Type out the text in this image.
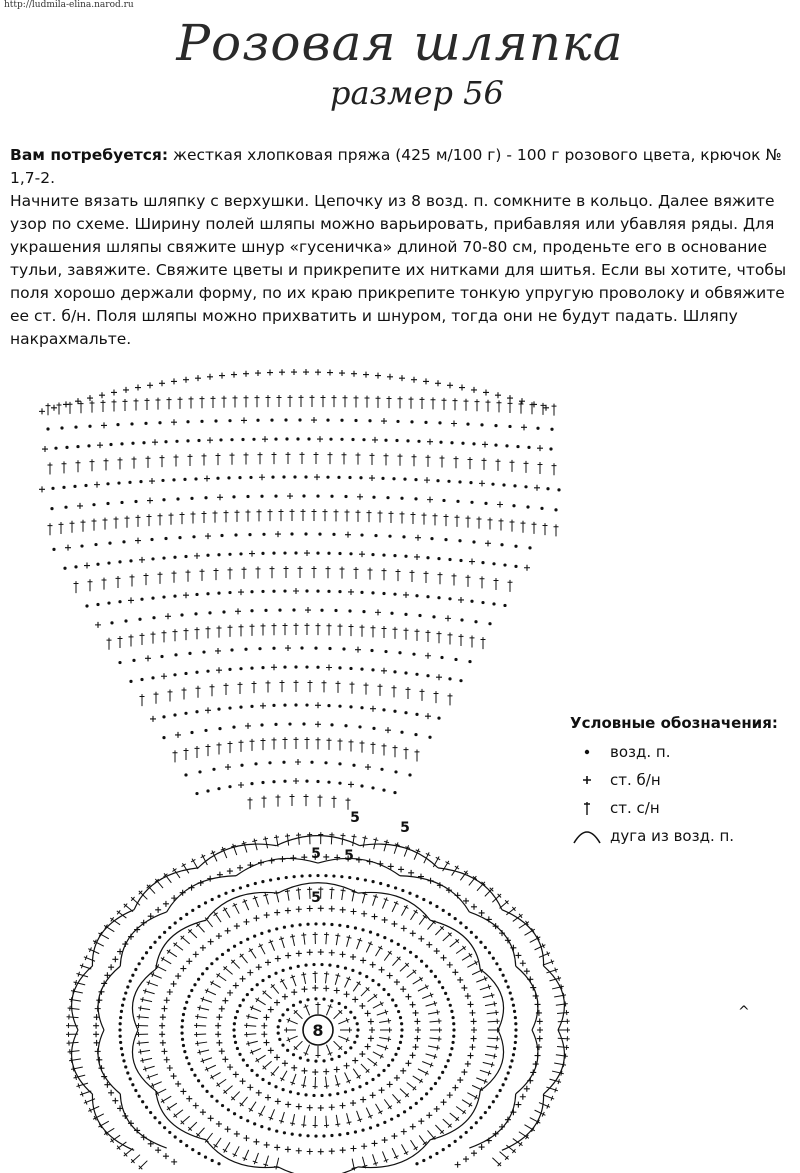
http://ludmila-elina.narod.ru
Розовая шляпка
размер 56

Вам потребуется: жесткая хлопковая пряжа (425 м/100 г) - 100 г розового цвета, крючок № 1,7-2.

Начните вязать шляпку с верхушки. Цепочку из 8 возд. п. сомкните в кольцо. Далее вяжите узор по схеме. Ширину полей шляпы можно варьировать, прибавляя или убавляя ряды. Для украшения шляпы свяжите шнур «гусеничка» длиной 70-80 см, проденьте его в основание тульи, завяжите. Свяжите цветы и прикрепите их нитками для шитья. Если вы хотите, чтобы поля хорошо держали форму, по их краю прикрепите тонкую упругую проволоку и обвяжите ее ст. б/н. Поля шляпы можно прихватить и шнуром, тогда они не будут падать. Шляпу накрахмальте.

8
5
5
5 5
5
Условные обозначения:
возд. п.
ст. б/н
ст. с/н
дуга из возд. п.
^
